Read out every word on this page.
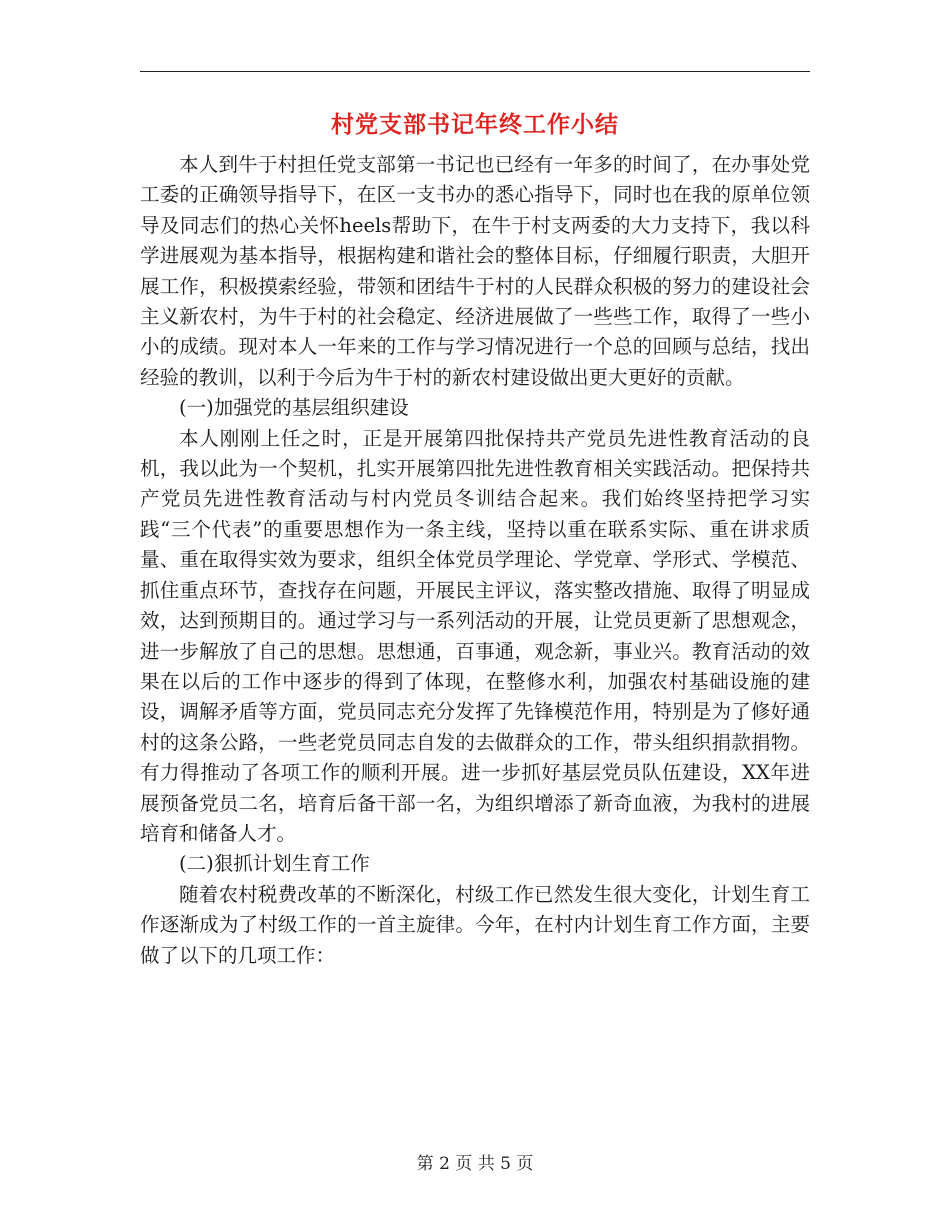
村党支部书记年终工作小结

本人到牛于村担任党支部第一书记也已经有一年多的时间了，在办事处党工委的正确领导指导下，在区一支书办的悉心指导下，同时也在我的原单位领导及同志们的热心关怀heels帮助下，在牛于村支两委的大力支持下，我以科学进展观为基本指导，根据构建和谐社会的整体目标，仔细履行职责，大胆开展工作，积极摸索经验，带领和团结牛于村的人民群众积极的努力的建设社会主义新农村，为牛于村的社会稳定、经济进展做了一些些工作，取得了一些小小的成绩。现对本人一年来的工作与学习情况进行一个总的回顾与总结，找出经验的教训，以利于今后为牛于村的新农村建设做出更大更好的贡献。

(一)加强党的基层组织建设

本人刚刚上任之时，正是开展第四批保持共产党员先进性教育活动的良机，我以此为一个契机，扎实开展第四批先进性教育相关实践活动。把保持共产党员先进性教育活动与村内党员冬训结合起来。我们始终坚持把学习实践“三个代表”的重要思想作为一条主线，坚持以重在联系实际、重在讲求质量、重在取得实效为要求，组织全体党员学理论、学党章、学形式、学模范、抓住重点环节，查找存在问题，开展民主评议，落实整改措施、取得了明显成效，达到预期目的。通过学习与一系列活动的开展，让党员更新了思想观念，进一步解放了自己的思想。思想通，百事通，观念新，事业兴。教育活动的效果在以后的工作中逐步的得到了体现，在整修水利，加强农村基础设施的建设，调解矛盾等方面，党员同志充分发挥了先锋模范作用，特别是为了修好通村的这条公路，一些老党员同志自发的去做群众的工作，带头组织捐款捐物。有力得推动了各项工作的顺利开展。进一步抓好基层党员队伍建设，XX年进展预备党员二名，培育后备干部一名，为组织增添了新奇血液，为我村的进展培育和储备人才。

(二)狠抓计划生育工作

随着农村税费改革的不断深化，村级工作已然发生很大变化，计划生育工作逐渐成为了村级工作的一首主旋律。今年，在村内计划生育工作方面，主要做了以下的几项工作：

第 2 页 共 5 页
